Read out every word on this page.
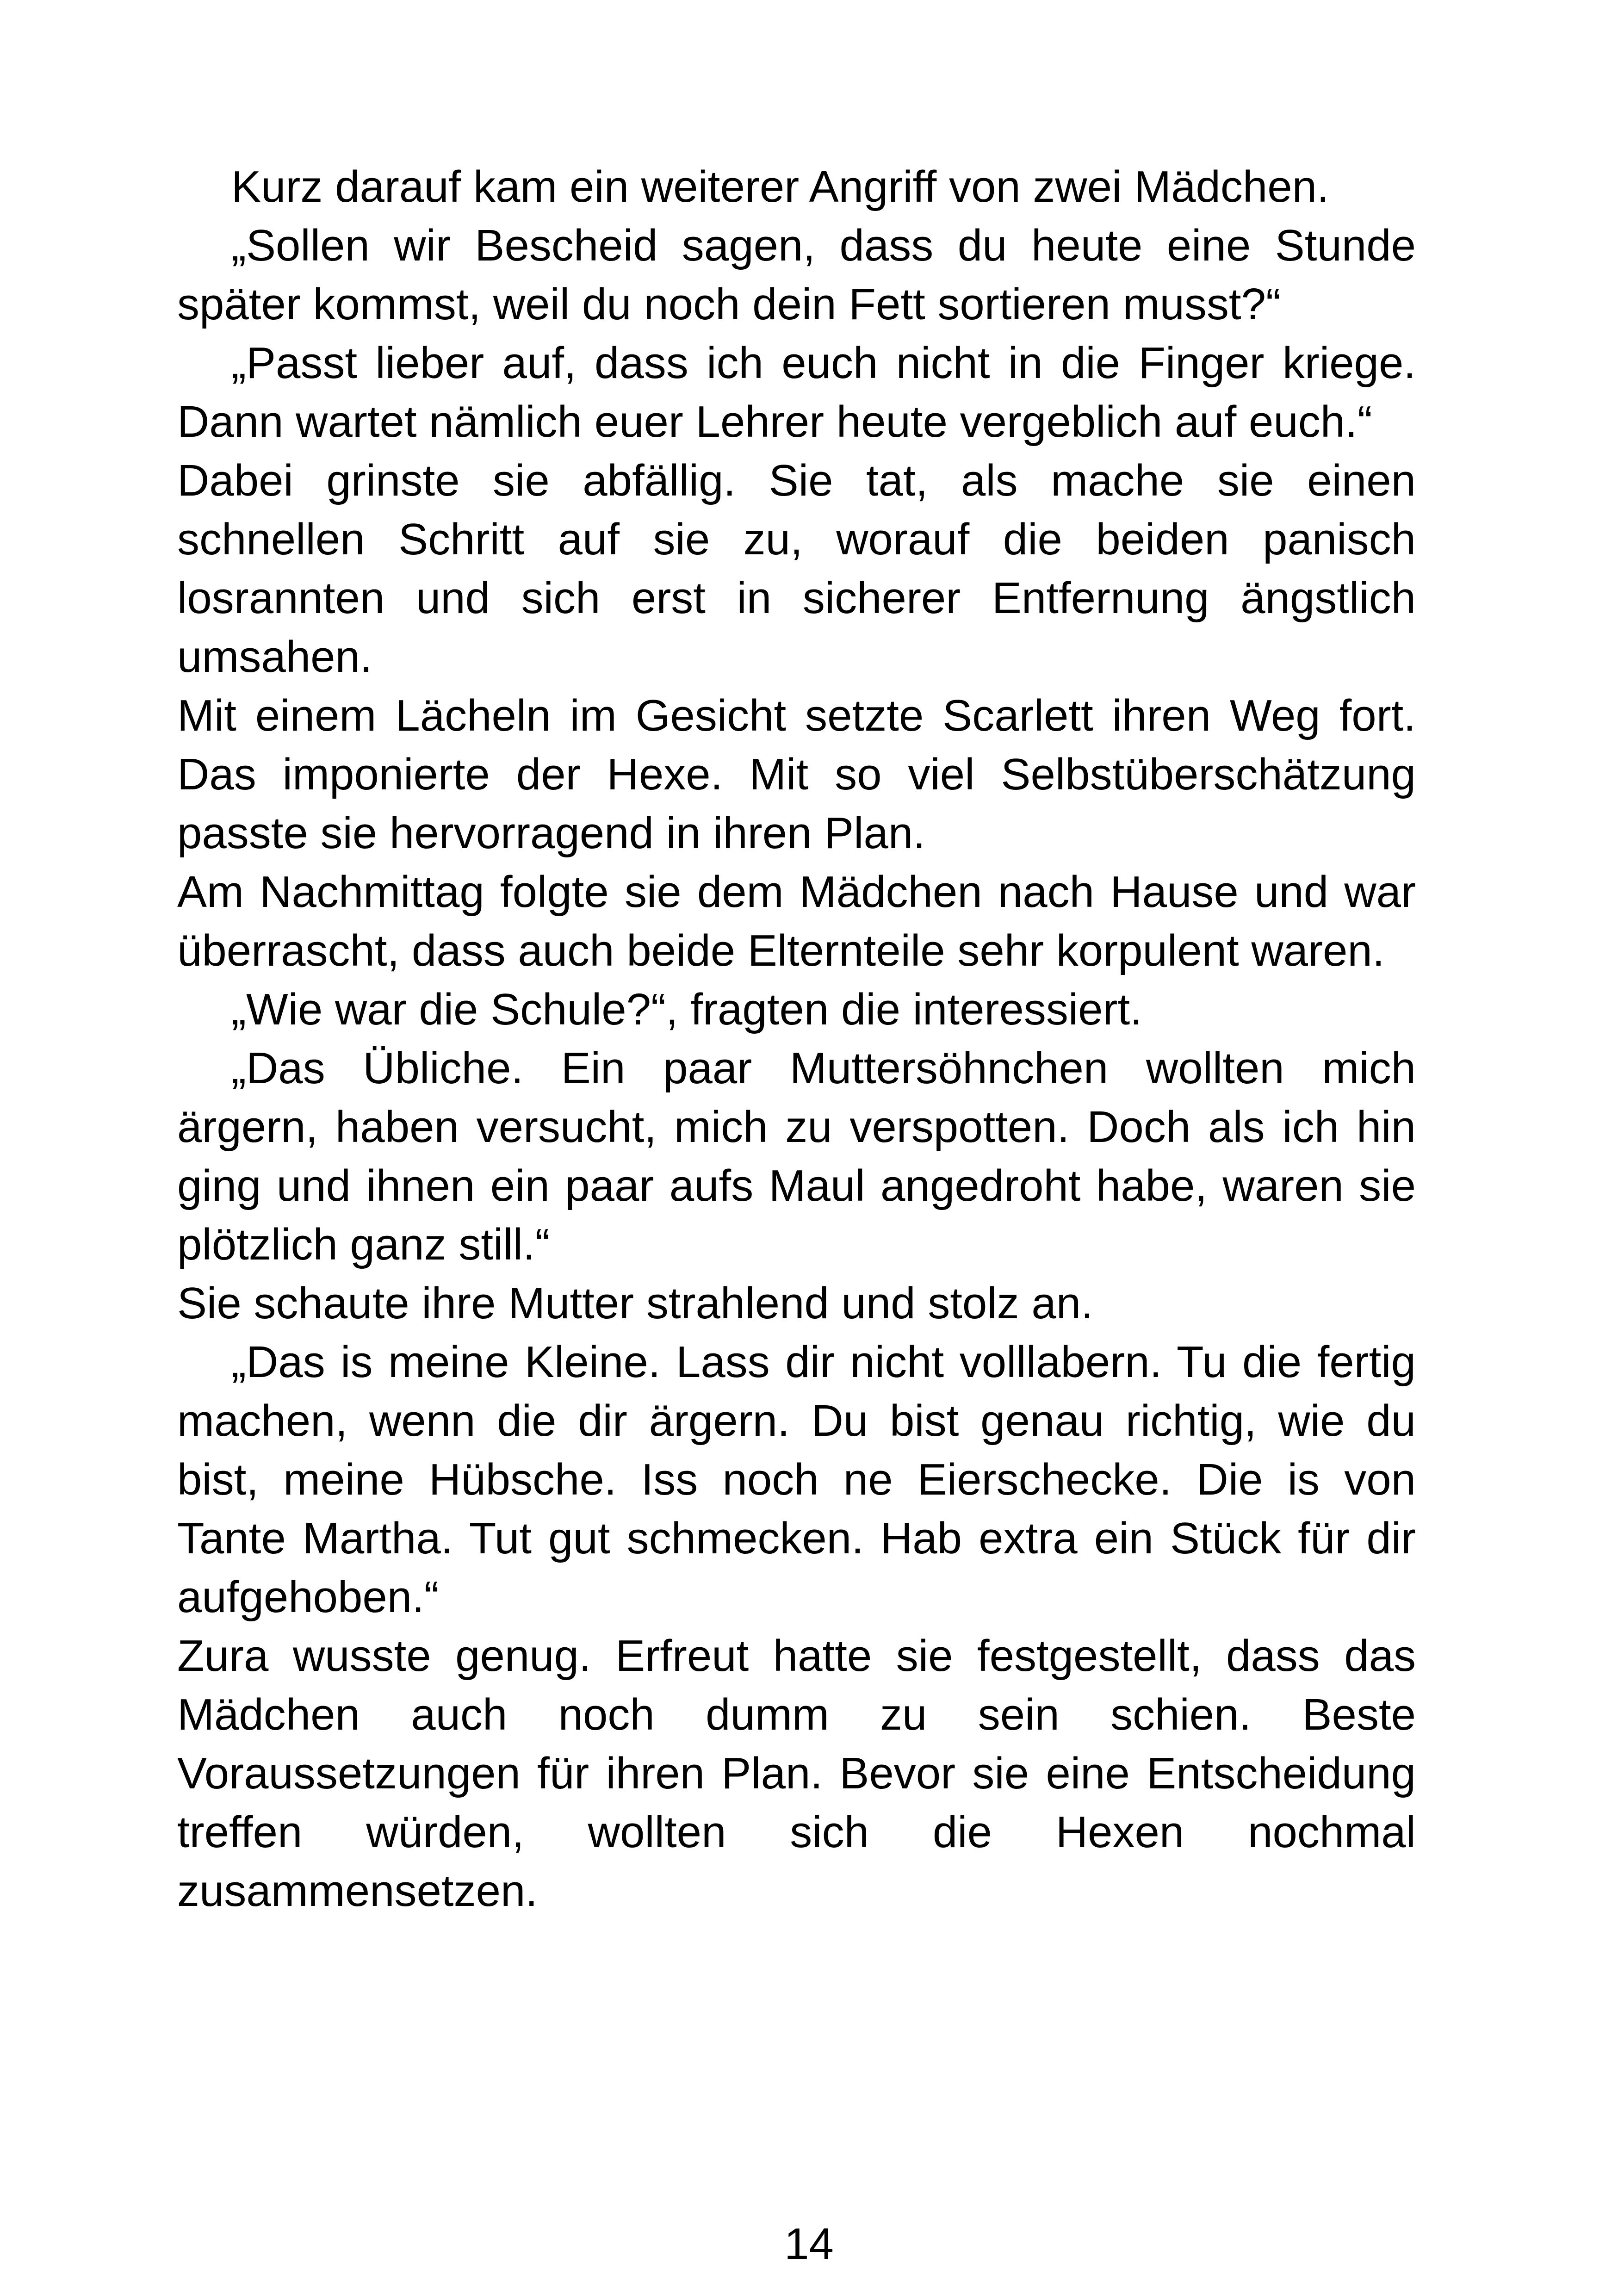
Kurz darauf kam ein weiterer Angriff von zwei Mädchen.

„Sollen wir Bescheid sagen, dass du heute eine Stunde später kommst, weil du noch dein Fett sortieren musst?“

„Passt lieber auf, dass ich euch nicht in die Finger kriege. Dann wartet nämlich euer Lehrer heute vergeblich auf euch.“

Dabei grinste sie abfällig. Sie tat, als mache sie einen schnellen Schritt auf sie zu, worauf die beiden panisch losrannten und sich erst in sicherer Entfernung ängstlich umsahen.

Mit einem Lächeln im Gesicht setzte Scarlett ihren Weg fort. Das imponierte der Hexe. Mit so viel Selbstüberschätzung passte sie hervorragend in ihren Plan.

Am Nachmittag folgte sie dem Mädchen nach Hause und war überrascht, dass auch beide Elternteile sehr korpulent waren.

„Wie war die Schule?“, fragten die interessiert.

„Das Übliche. Ein paar Muttersöhnchen wollten mich ärgern, haben versucht, mich zu verspotten. Doch als ich hin ging und ihnen ein paar aufs Maul angedroht habe, waren sie plötzlich ganz still.“

Sie schaute ihre Mutter strahlend und stolz an.

„Das is meine Kleine. Lass dir nicht volllabern. Tu die fertig machen, wenn die dir ärgern. Du bist genau richtig, wie du bist, meine Hübsche. Iss noch ne Eierschecke. Die is von Tante Martha. Tut gut schmecken. Hab extra ein Stück für dir aufgehoben.“

Zura wusste genug. Erfreut hatte sie festgestellt, dass das Mädchen auch noch dumm zu sein schien. Beste Voraussetzungen für ihren Plan. Bevor sie eine Entscheidung treffen würden, wollten sich die Hexen nochmal zusammensetzen.

14
